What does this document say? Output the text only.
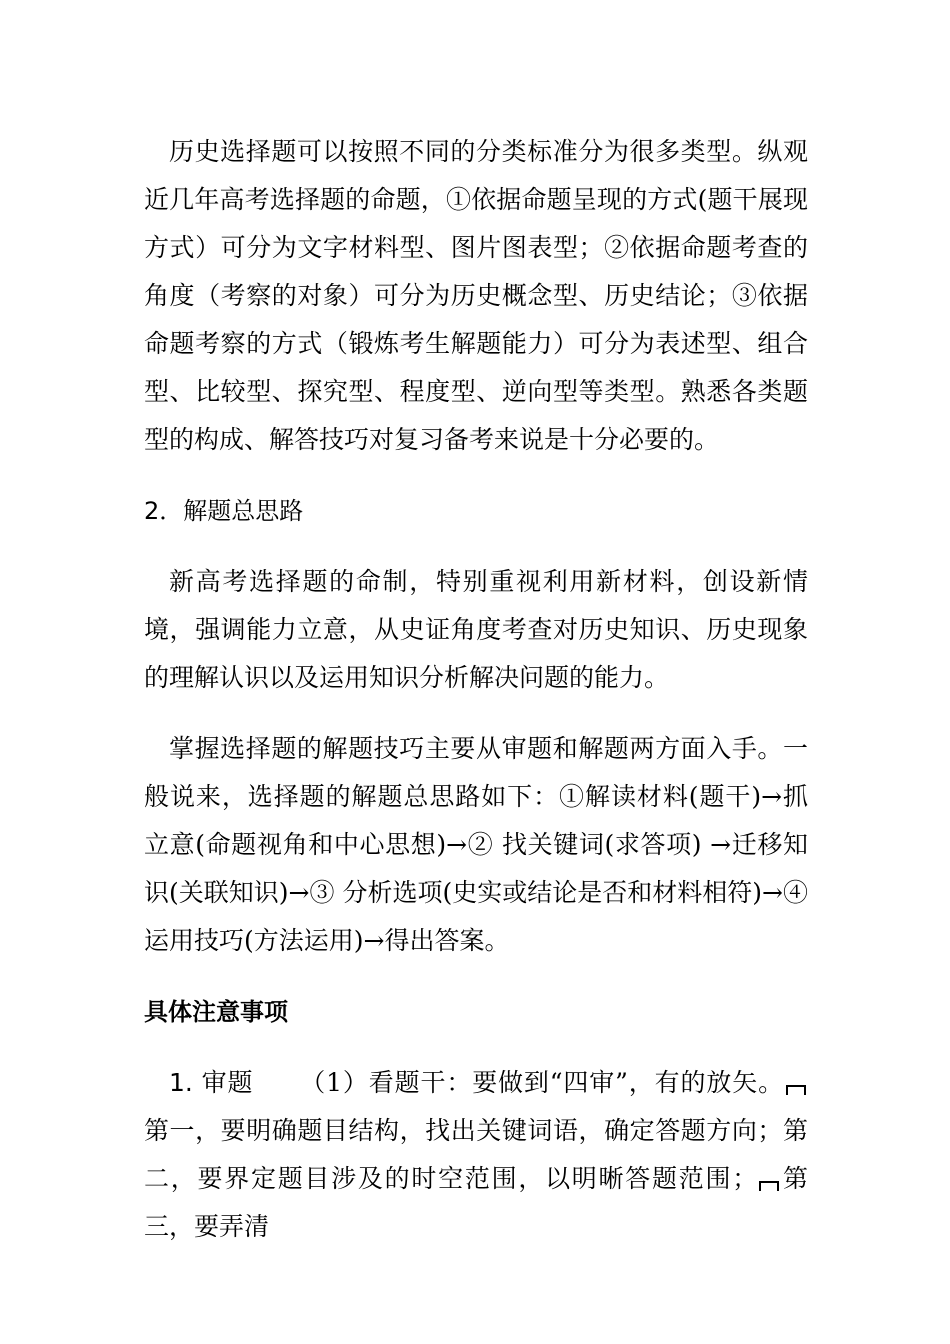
历史选择题可以按照不同的分类标准分为很多类型。纵观近几年高考选择题的命题，①依据命题呈现的方式(题干展现方式）可分为文字材料型、图片图表型；②依据命题考查的角度（考察的对象）可分为历史概念型、历史结论；③依据命题考察的方式（锻炼考生解题能力）可分为表述型、组合型、比较型、探究型、程度型、逆向型等类型。熟悉各类题型的构成、解答技巧对复习备考来说是十分必要的。

2．解题总思路

新高考选择题的命制，特别重视利用新材料，创设新情境，强调能力立意，从史证角度考查对历史知识、历史现象的理解认识以及运用知识分析解决问题的能力。

掌握选择题的解题技巧主要从审题和解题两方面入手。一般说来，选择题的解题总思路如下：①解读材料(题干)→抓立意(命题视角和中心思想)→② 找关键词(求答项) →迁移知识(关联知识)→③ 分析选项(史实或结论是否和材料相符)→④运用技巧(方法运用)→得出答案。

具体注意事项

1. 审题 （1）看题干：要做到“四审”，有的放矢。第一，要明确题目结构，找出关键词语，确定答题方向；第二，要界定题目涉及的时空范围，以明晰答题范围； 第三，要弄清
